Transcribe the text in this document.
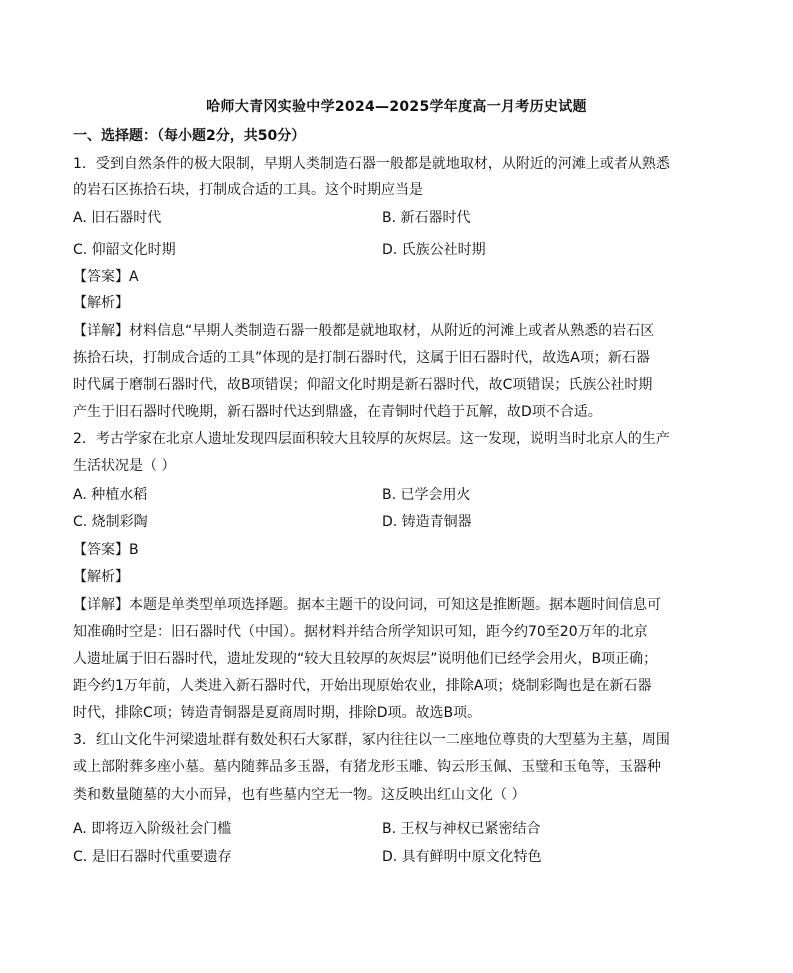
哈师大青冈实验中学2024—2025学年度高一月考历史试题
一、选择题：（每小题2分，共50分）
1．受到自然条件的极大限制，早期人类制造石器一般都是就地取材，从附近的河滩上或者从熟悉
的岩石区拣拾石块，打制成合适的工具。这个时期应当是
A. 旧石器时代	B. 新石器时代
C. 仰韶文化时期	D. 氏族公社时期
【答案】A
【解析】
【详解】材料信息“早期人类制造石器一般都是就地取材，从附近的河滩上或者从熟悉的岩石区
拣拾石块，打制成合适的工具”体现的是打制石器时代，这属于旧石器时代，故选A项；新石器
时代属于磨制石器时代，故B项错误；仰韶文化时期是新石器时代，故C项错误；氏族公社时期
产生于旧石器时代晚期，新石器时代达到鼎盛，在青铜时代趋于瓦解，故D项不合适。
2．考古学家在北京人遗址发现四层面积较大且较厚的灰烬层。这一发现，说明当时北京人的生产
生活状况是（ ）
A. 种植水稻	B. 已学会用火
C. 烧制彩陶	D. 铸造青铜器
【答案】B
【解析】
【详解】本题是单类型单项选择题。据本主题干的设问词，可知这是推断题。据本题时间信息可
知准确时空是：旧石器时代（中国）。据材料并结合所学知识可知，距今约70至20万年的北京
人遗址属于旧石器时代，遗址发现的“较大且较厚的灰烬层”说明他们已经学会用火，B项正确；
距今约1万年前，人类进入新石器时代，开始出现原始农业，排除A项；烧制彩陶也是在新石器
时代，排除C项；铸造青铜器是夏商周时期，排除D项。故选B项。
3．红山文化牛河梁遗址群有数处积石大冢群，冢内往往以一二座地位尊贵的大型墓为主墓，周围
或上部附葬多座小墓。墓内随葬品多玉器，有猪龙形玉雕、钩云形玉佩、玉璧和玉龟等，玉器种
类和数量随墓的大小而异，也有些墓内空无一物。这反映出红山文化（ ）
A. 即将迈入阶级社会门槛	B. 王权与神权已紧密结合
C. 是旧石器时代重要遗存	D. 具有鲜明中原文化特色
